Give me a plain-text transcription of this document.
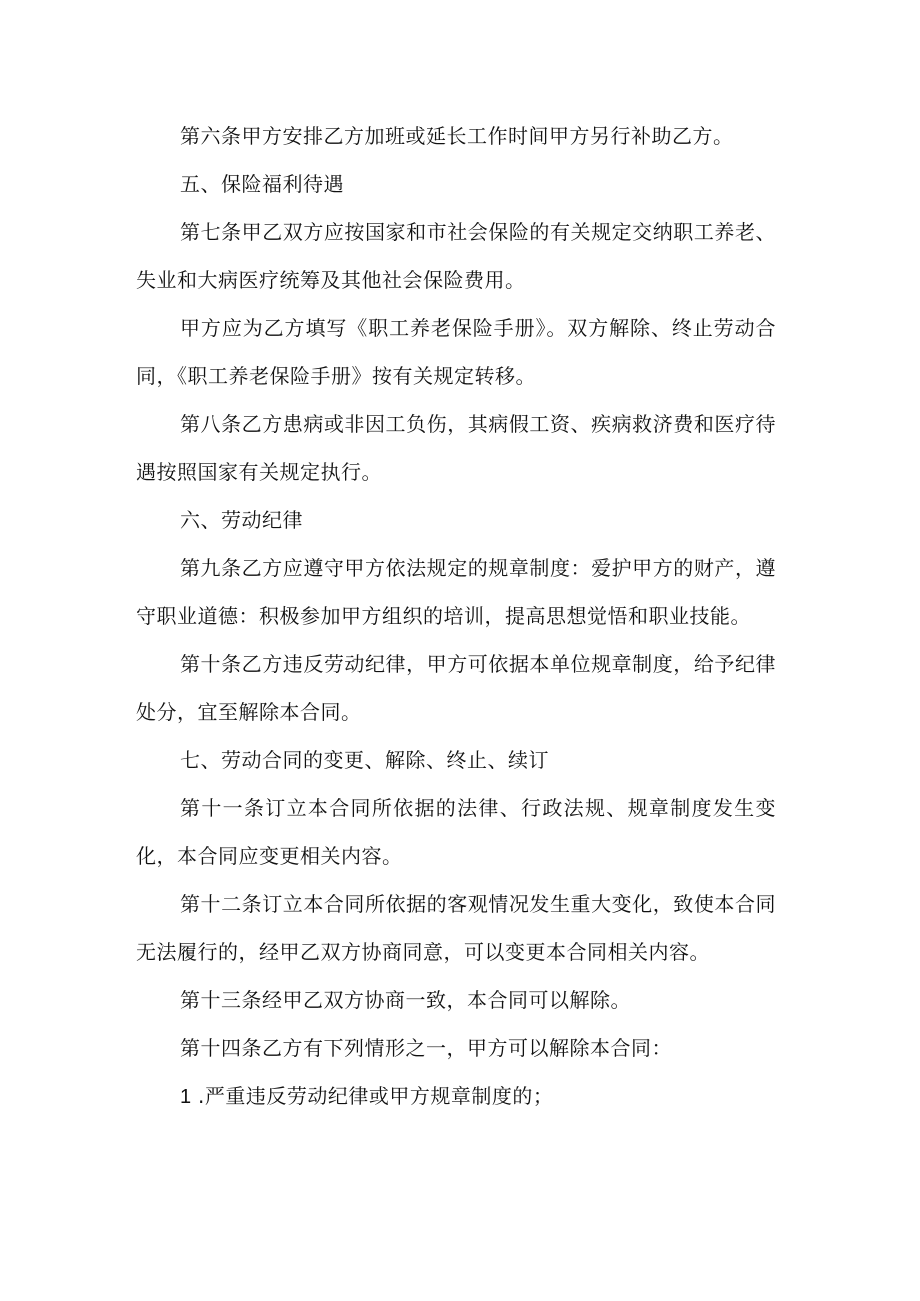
第六条甲方安排乙方加班或延长工作时间甲方另行补助乙方。

五、保险福利待遇

第七条甲乙双方应按国家和市社会保险的有关规定交纳职工养老、失业和大病医疗统筹及其他社会保险费用。

甲方应为乙方填写《职工养老保险手册》。双方解除、终止劳动合同，《职工养老保险手册》按有关规定转移。

第八条乙方患病或非因工负伤，其病假工资、疾病救济费和医疗待遇按照国家有关规定执行。

六、劳动纪律

第九条乙方应遵守甲方依法规定的规章制度：爱护甲方的财产，遵守职业道德：积极参加甲方组织的培训，提高思想觉悟和职业技能。

第十条乙方违反劳动纪律，甲方可依据本单位规章制度，给予纪律处分，宜至解除本合同。

七、劳动合同的变更、解除、终止、续订

第十一条订立本合同所依据的法律、行政法规、规章制度发生变化，本合同应变更相关内容。

第十二条订立本合同所依据的客观情况发生重大变化，致使本合同无法履行的，经甲乙双方协商同意，可以变更本合同相关内容。

第十三条经甲乙双方协商一致，本合同可以解除。

第十四条乙方有下列情形之一，甲方可以解除本合同：

1 .严重违反劳动纪律或甲方规章制度的；
